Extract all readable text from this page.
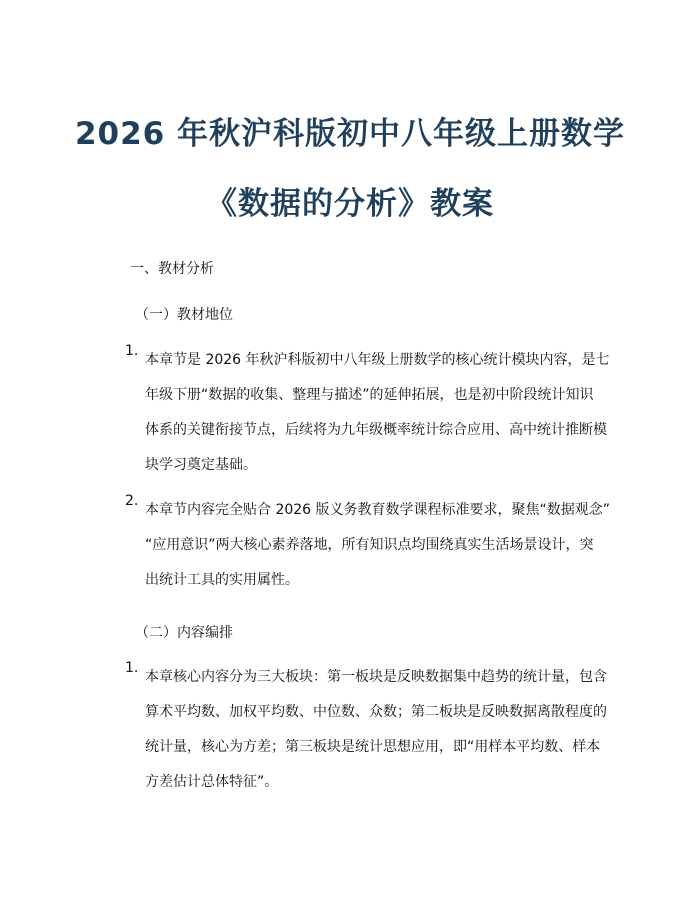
2026 年秋沪科版初中八年级上册数学
《数据的分析》教案
一、教材分析
（一）教材地位
1.
本章节是 2026 年秋沪科版初中八年级上册数学的核心统计模块内容，是七
年级下册“数据的收集、整理与描述”的延伸拓展，也是初中阶段统计知识
体系的关键衔接节点，后续将为九年级概率统计综合应用、高中统计推断模
块学习奠定基础。
2.
本章节内容完全贴合 2026 版义务教育数学课程标准要求，聚焦“数据观念”
“应用意识”两大核心素养落地，所有知识点均围绕真实生活场景设计，突
出统计工具的实用属性。
（二）内容编排
1.
本章核心内容分为三大板块：第一板块是反映数据集中趋势的统计量，包含
算术平均数、加权平均数、中位数、众数；第二板块是反映数据离散程度的
统计量，核心为方差；第三板块是统计思想应用，即“用样本平均数、样本
方差估计总体特征”。
